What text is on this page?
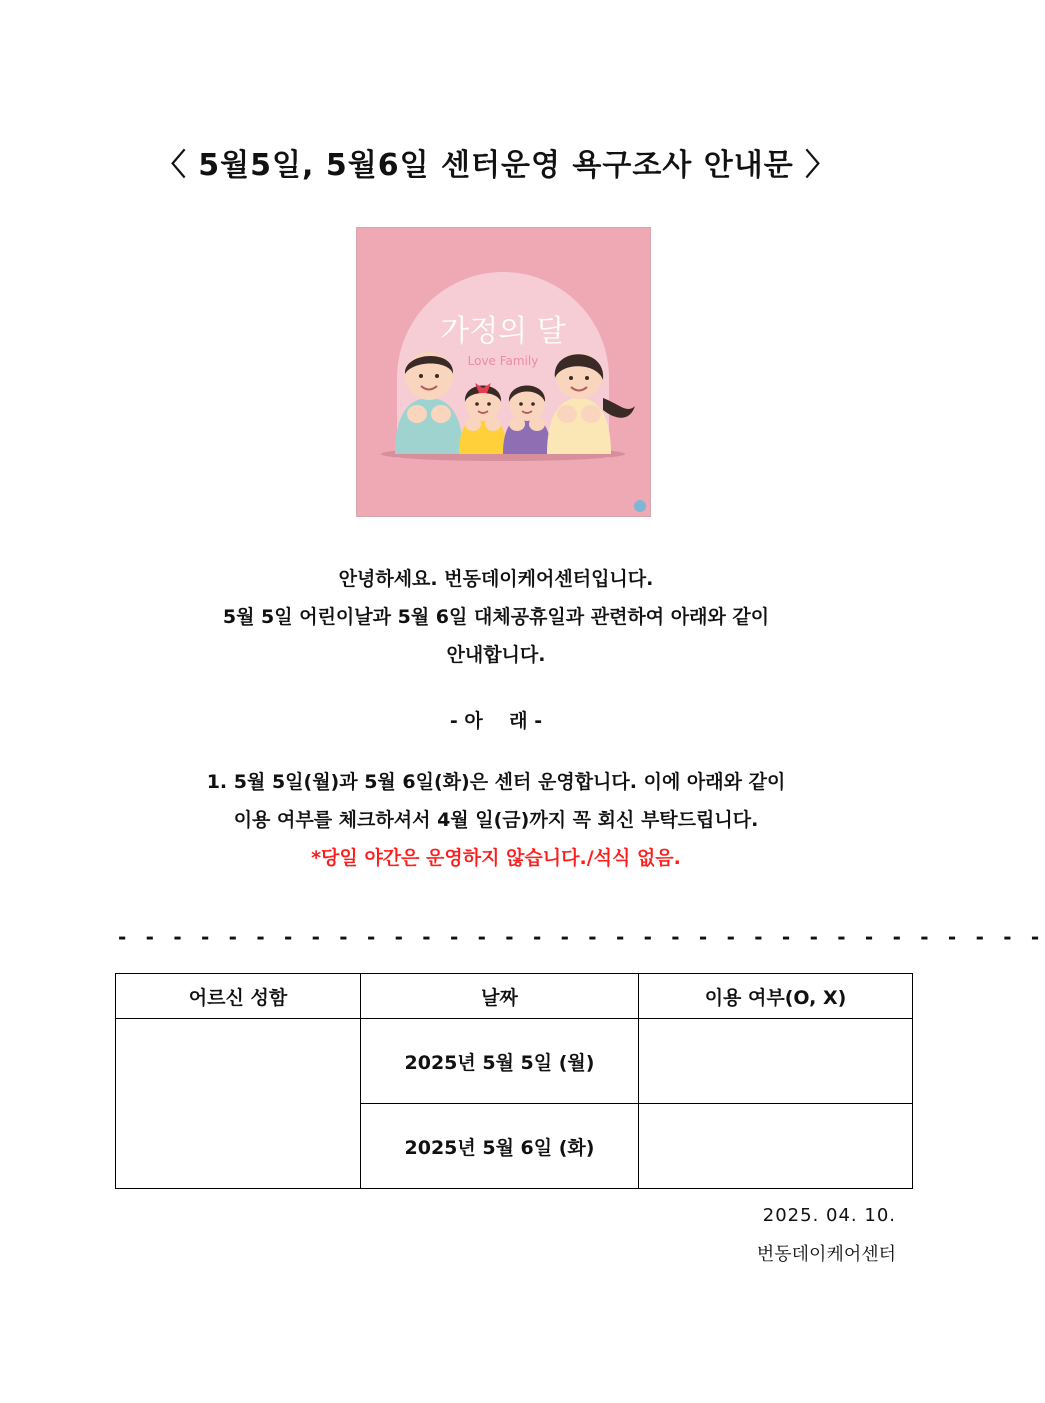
〈 5월5일, 5월6일 센터운영 욕구조사 안내문 〉
가정의 달
Love Family
안녕하세요. 번동데이케어센터입니다.
5월 5일 어린이날과 5월 6일 대체공휴일과 관련하여 아래와 같이
안내합니다.
- 아    래 -
1. 5월 5일(월)과 5월 6일(화)은 센터 운영합니다. 이에 아래와 같이
이용 여부를 체크하셔서 4월 일(금)까지 꼭 회신 부탁드립니다.
*당일 야간은 운영하지 않습니다./석식 없음.
- - - - - - - - - - - - - - - - - - - - - - - - - - - - - - - - - -
어르신 성함	날짜	이용 여부(O, X)
	2025년 5월 5일 (월)	
	2025년 5월 6일 (화)	
2025. 04. 10.
번동데이케어센터
